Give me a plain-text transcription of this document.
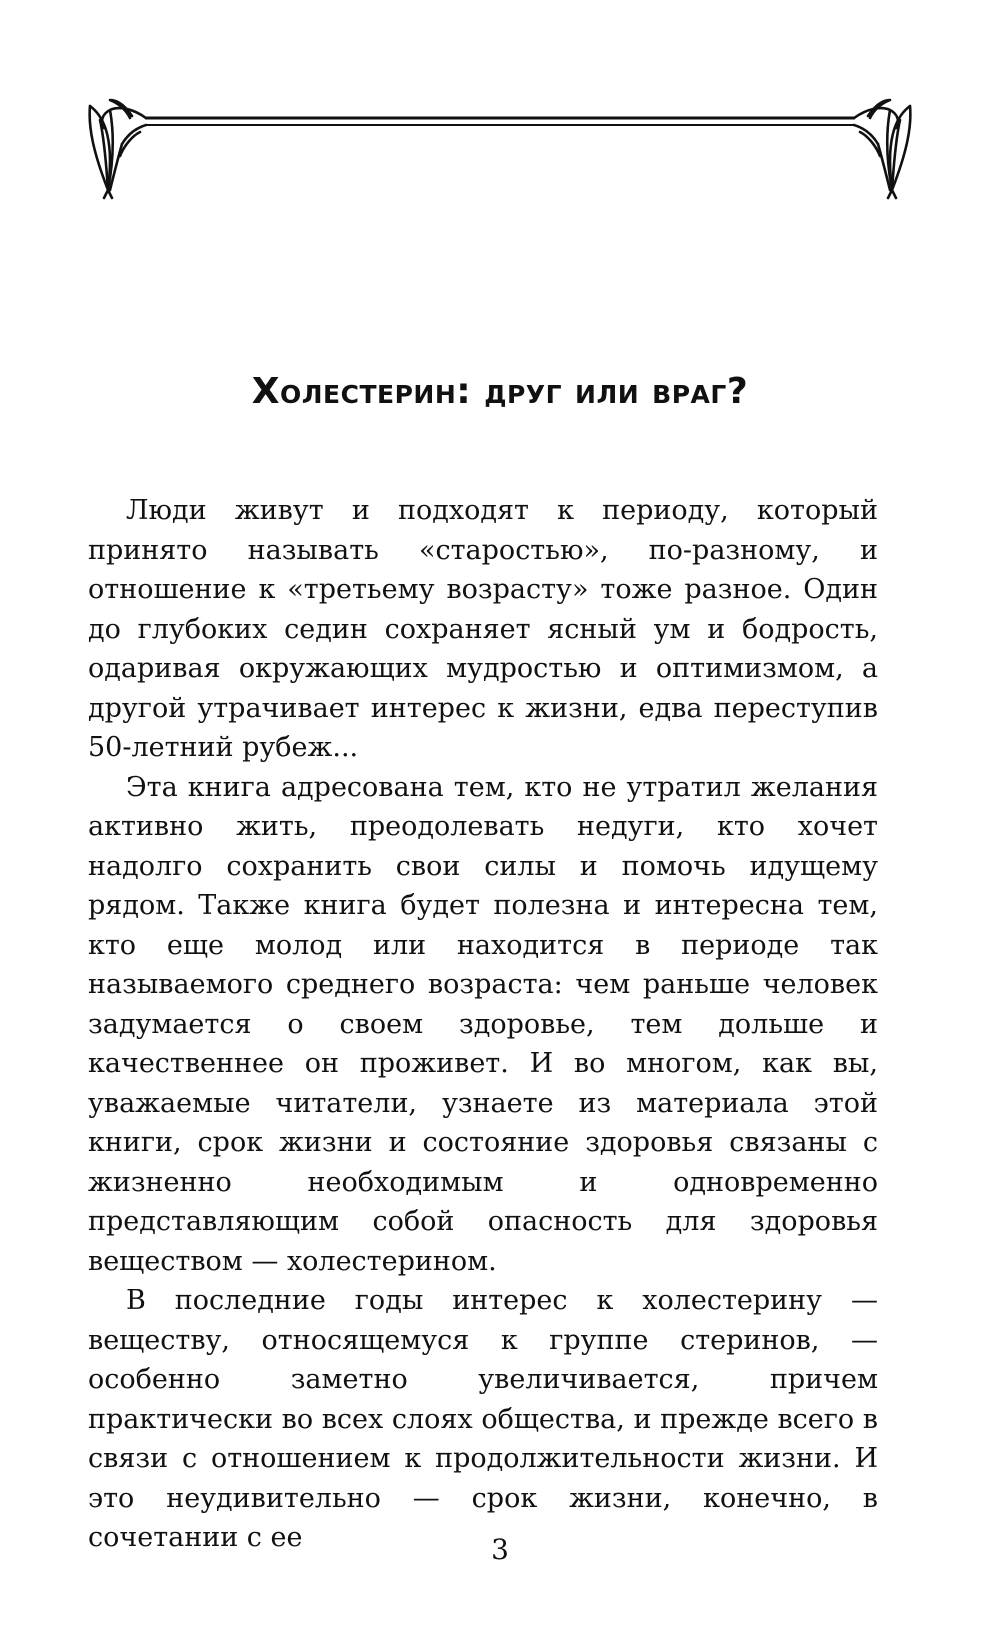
Холестерин: друг или враг?

Люди живут и подходят к периоду, который принято называть «старостью», по-разному, и отношение к «третьему возрасту» тоже разное. Один до глубоких седин сохраняет ясный ум и бодрость, одаривая окружающих мудростью и оптимизмом, а другой утрачивает интерес к жизни, едва переступив 50-летний рубеж...

Эта книга адресована тем, кто не утратил желания активно жить, преодолевать недуги, кто хочет надолго сохранить свои силы и помочь идущему рядом. Также книга будет полезна и интересна тем, кто еще молод или находится в периоде так называемого среднего возраста: чем раньше человек задумается о своем здоровье, тем дольше и качественнее он проживет. И во многом, как вы, уважаемые читатели, узнаете из материала этой книги, срок жизни и состояние здоровья связаны с жизненно необходимым и одновременно представляющим собой опасность для здоровья веществом — холестерином.

В последние годы интерес к холестерину — веществу, относящемуся к группе стеринов, — особенно заметно увеличивается, причем практически во всех слоях общества, и прежде всего в связи с отношением к продолжительности жизни. И это неудивительно — срок жизни, конечно, в сочетании с ее	3
